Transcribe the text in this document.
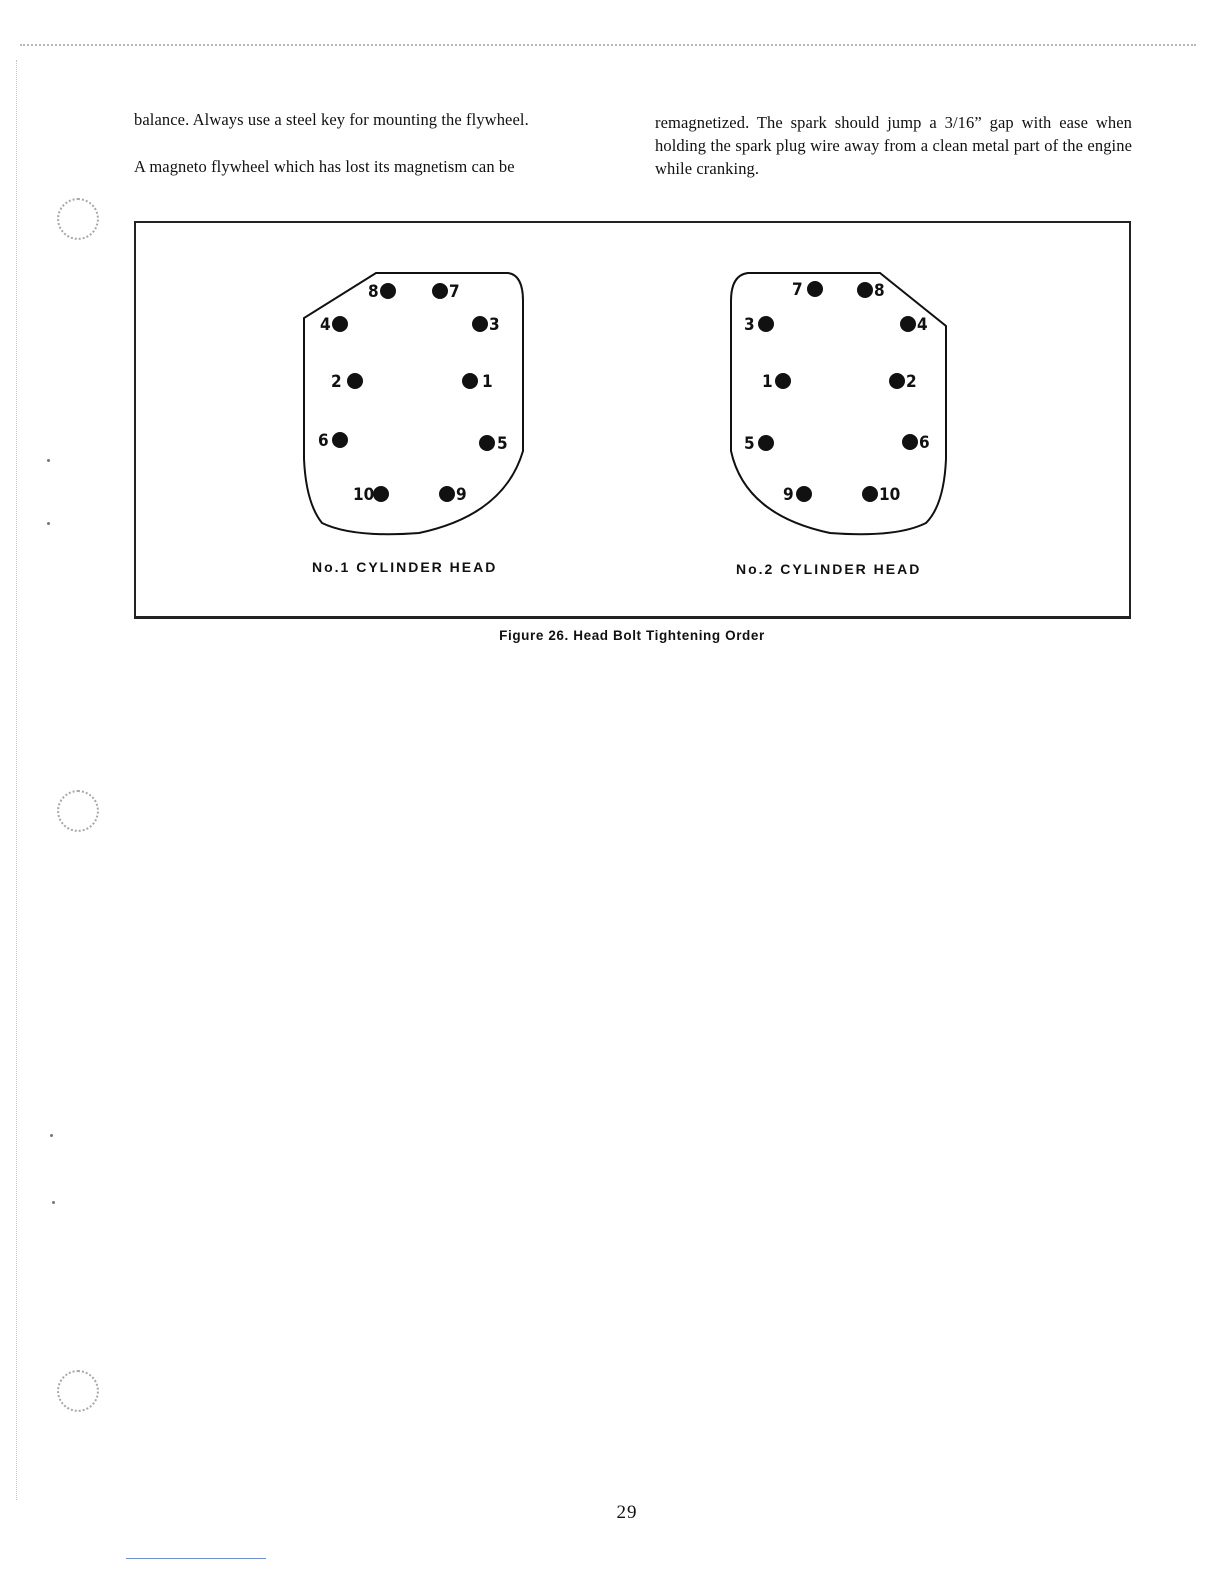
balance. Always use a steel key for mounting the flywheel.

A magneto flywheel which has lost its magnetism can be

remagnetized. The spark should jump a 3/16” gap with ease when holding the spark plug wire away from a clean metal part of the engine while cranking.

8	7
4	3
2	1
6	5
10	9
7	8
3	4
1	2
5	6
9	10
No.1 CYLINDER HEAD	No.2 CYLINDER HEAD
Figure 26. Head Bolt Tightening Order
29
